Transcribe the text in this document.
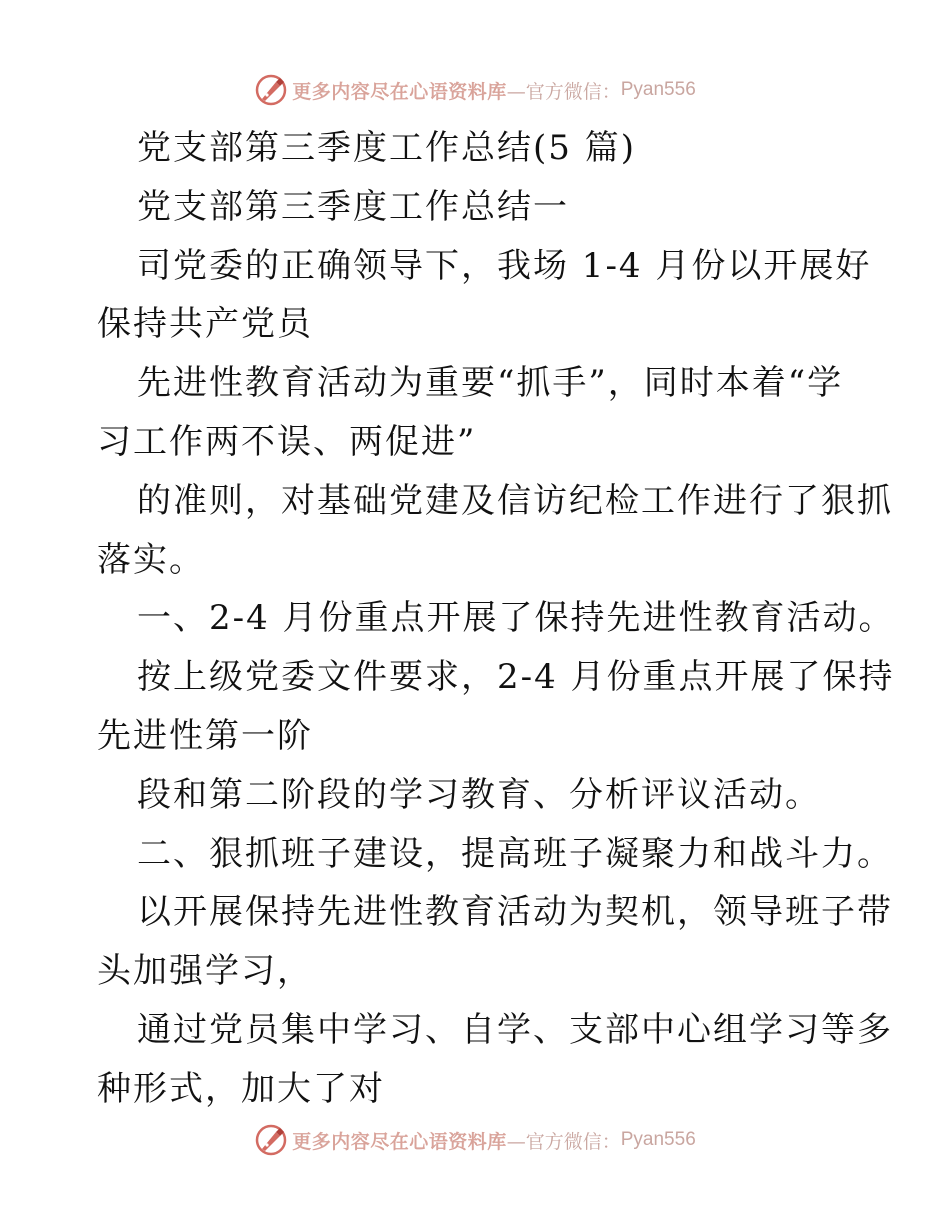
更多内容尽在心语资料库 —官方微信： Pyan556
党支部第三季度工作总结(5 篇)
党支部第三季度工作总结一
司党委的正确领导下，我场 1-4 月份以开展好
保持共产党员
先进性教育活动为重要“抓手”，同时本着“学
习工作两不误、两促进”
的准则，对基础党建及信访纪检工作进行了狠抓
落实。
一、2-4 月份重点开展了保持先进性教育活动。
按上级党委文件要求，2-4 月份重点开展了保持
先进性第一阶
段和第二阶段的学习教育、分析评议活动。
二、狠抓班子建设，提高班子凝聚力和战斗力。
以开展保持先进性教育活动为契机，领导班子带
头加强学习，
通过党员集中学习、自学、支部中心组学习等多
种形式，加大了对
更多内容尽在心语资料库 —官方微信： Pyan556
